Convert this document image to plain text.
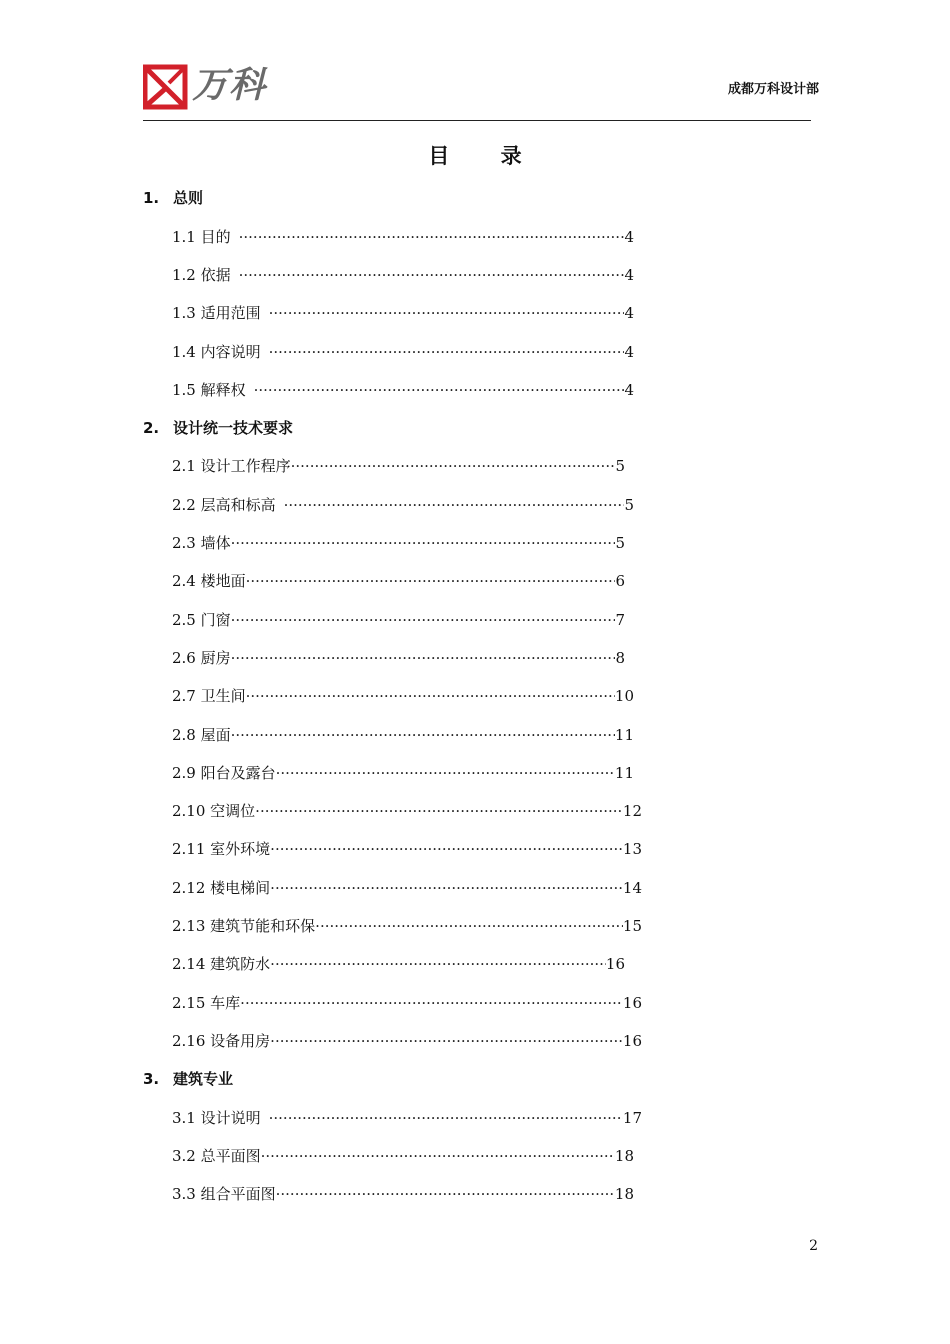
万科	成都万科设计部
目 录
1. 总则
1.1 目的 ·····	4
1.2 依据 ·····	4
1.3 适用范围 ·····	4
1.4 内容说明 ·····	4
1.5 解释权 ·····	4
2. 设计统一技术要求
2.1 设计工作程序 ·····	5
2.2 层高和标高 ·····	5
2.3 墙体 ·····	5
2.4 楼地面 ·····	6
2.5 门窗 ·····	7
2.6 厨房 ·····	8
2.7 卫生间 ·····	10
2.8 屋面 ·····	11
2.9 阳台及露台 ·····	11
2.10 空调位 ·····	12
2.11 室外环境 ·····	13
2.12 楼电梯间 ·····	14
2.13 建筑节能和环保 ·····	15
2.14 建筑防水 ·····	16
2.15 车库 ·····	16
2.16 设备用房 ·····	16
3. 建筑专业
3.1 设计说明 ·····	17
3.2 总平面图 ·····	18
3.3 组合平面图 ·····	18
2
